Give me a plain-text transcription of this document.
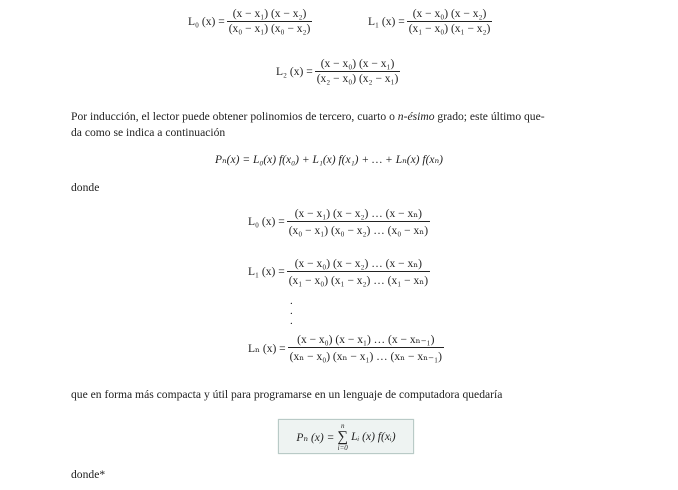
L₀ $(x) = \frac{\text{(x − x₁) (x − x₂)}}{\text{(x₀ − x₁) (x₀ − x₂)}}$	L₁ $(x) = \frac{\text{(x − x₀) (x − x₂)}}{\text{(x₁ − x₀) (x₁ − x₂)}}$
L₂ $(x) = \frac{\text{(x − x₀) (x − x₁)}}{\text{(x₂ − x₀) (x₂ − x₁)}}$
Por inducción, el lector puede obtener polinomios de tercero, cuarto o n-ésimo grado; este último que-
da como se indica a continuación
Pₙ(x) = L₀(x) f(x₀) + L₁(x) f(x₁) + … + Lₙ(x) f(xₙ)
donde
L₀ $(x) = \frac{\text{(x − x₁) (x − x₂) … (x − xₙ)}}{\text{(x₀ − x₁) (x₀ − x₂) … (x₀ − xₙ)}}$
L₁ $(x) = \frac{\text{(x − x₀) (x − x₂) … (x − xₙ)}}{\text{(x₁ − x₀) (x₁ − x₂) … (x₁ − xₙ)}}$
.
.
.
Lₙ $(x) = \frac{\text{(x − x₀) (x − x₁) … (x − xₙ₋₁)}}{\text{(xₙ − x₀) (xₙ − x₁) … (xₙ − xₙ₋₁)}}$
que en forma más compacta y útil para programarse en un lenguaje de computadora quedaría
Pₙ (x) =
n
∑
i=0
Lᵢ (x) f(xᵢ)
donde*
